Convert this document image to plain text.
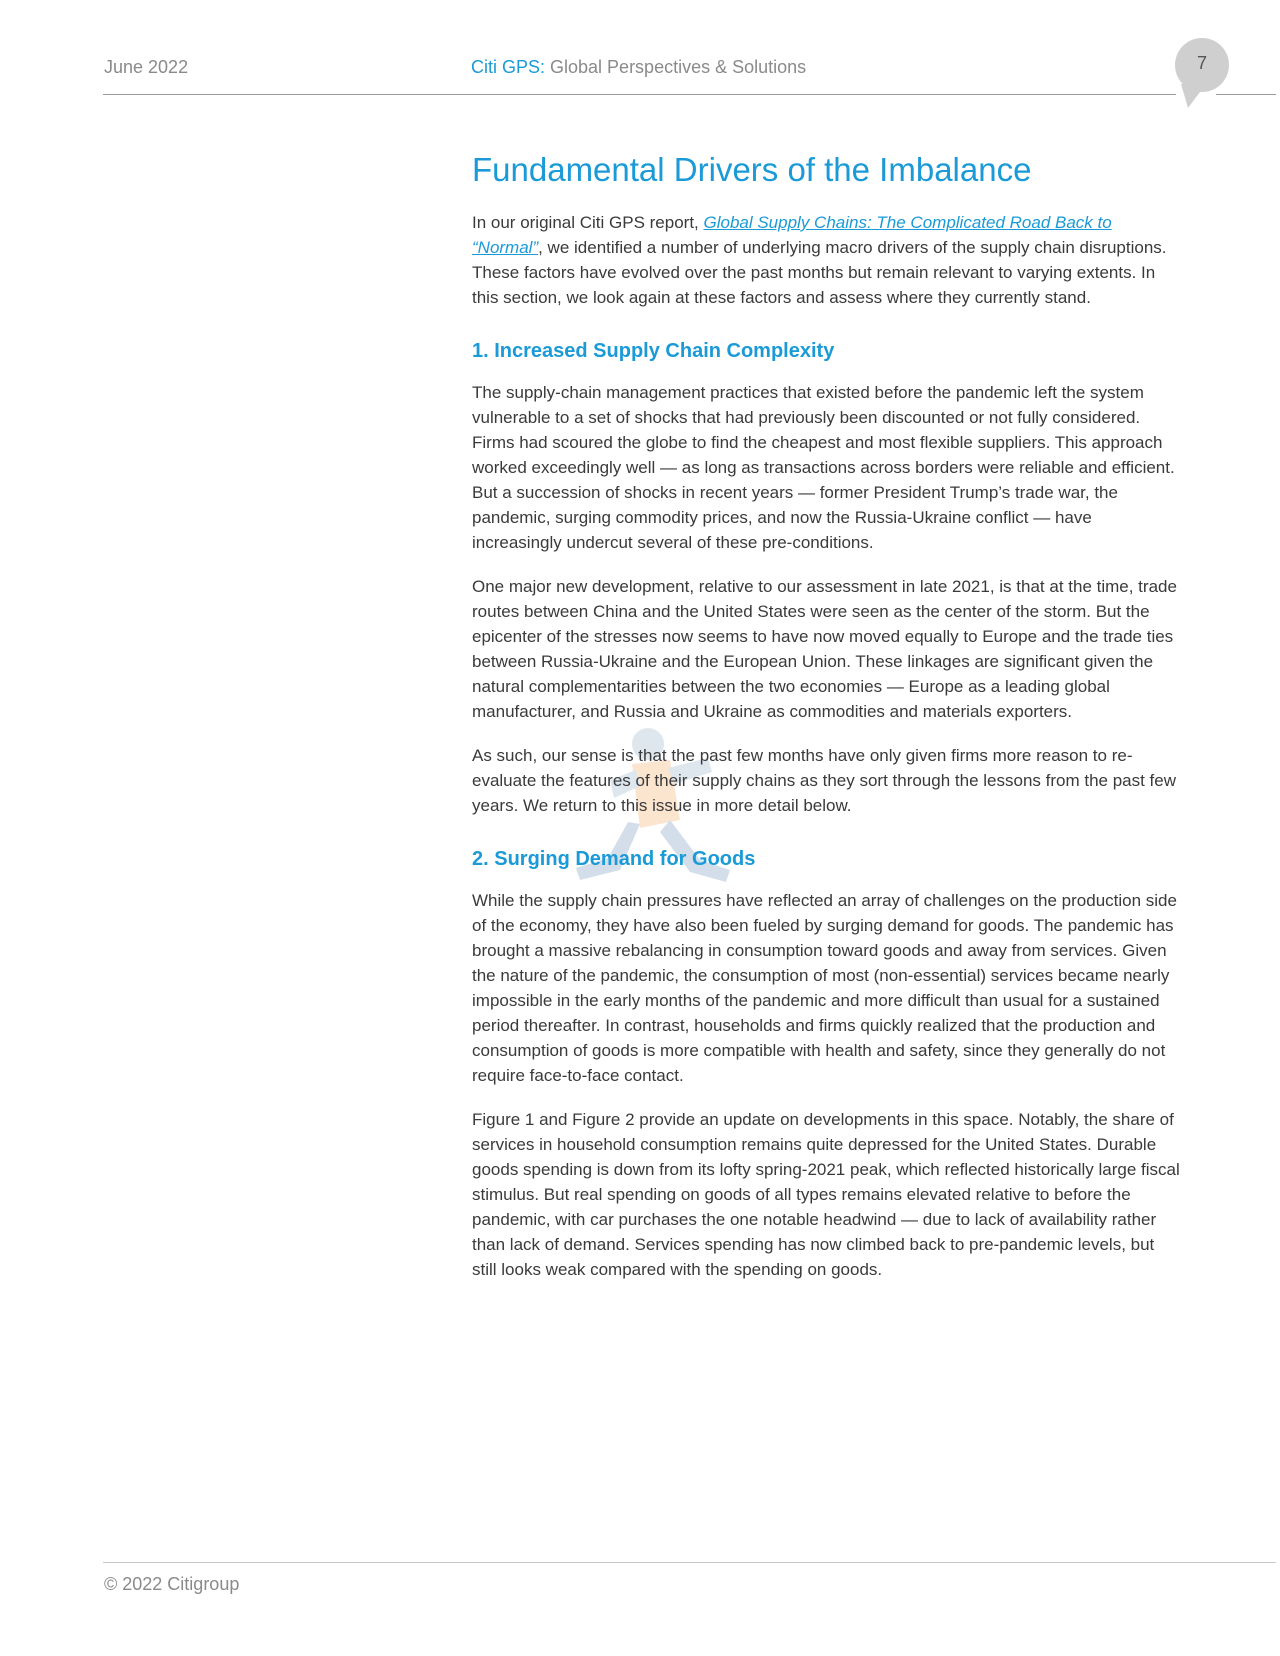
June 2022	Citi GPS: Global Perspectives & Solutions	7
Fundamental Drivers of the Imbalance

In our original Citi GPS report, Global Supply Chains: The Complicated Road Back to “Normal”, we identified a number of underlying macro drivers of the supply chain disruptions. These factors have evolved over the past months but remain relevant to varying extents. In this section, we look again at these factors and assess where they currently stand.

1. Increased Supply Chain Complexity

The supply-chain management practices that existed before the pandemic left the system vulnerable to a set of shocks that had previously been discounted or not fully considered. Firms had scoured the globe to find the cheapest and most flexible suppliers. This approach worked exceedingly well — as long as transactions across borders were reliable and efficient. But a succession of shocks in recent years — former President Trump’s trade war, the pandemic, surging commodity prices, and now the Russia-Ukraine conflict — have increasingly undercut several of these pre-conditions.

One major new development, relative to our assessment in late 2021, is that at the time, trade routes between China and the United States were seen as the center of the storm. But the epicenter of the stresses now seems to have now moved equally to Europe and the trade ties between Russia-Ukraine and the European Union. These linkages are significant given the natural complementarities between the two economies — Europe as a leading global manufacturer, and Russia and Ukraine as commodities and materials exporters.

As such, our sense is that the past few months have only given firms more reason to re-evaluate the features of their supply chains as they sort through the lessons from the past few years. We return to this issue in more detail below.

2. Surging Demand for Goods

While the supply chain pressures have reflected an array of challenges on the production side of the economy, they have also been fueled by surging demand for goods. The pandemic has brought a massive rebalancing in consumption toward goods and away from services. Given the nature of the pandemic, the consumption of most (non-essential) services became nearly impossible in the early months of the pandemic and more difficult than usual for a sustained period thereafter. In contrast, households and firms quickly realized that the production and consumption of goods is more compatible with health and safety, since they generally do not require face-to-face contact.

Figure 1 and Figure 2 provide an update on developments in this space. Notably, the share of services in household consumption remains quite depressed for the United States. Durable goods spending is down from its lofty spring-2021 peak, which reflected historically large fiscal stimulus. But real spending on goods of all types remains elevated relative to before the pandemic, with car purchases the one notable headwind — due to lack of availability rather than lack of demand. Services spending has now climbed back to pre-pandemic levels, but still looks weak compared with the spending on goods.

© 2022 Citigroup
